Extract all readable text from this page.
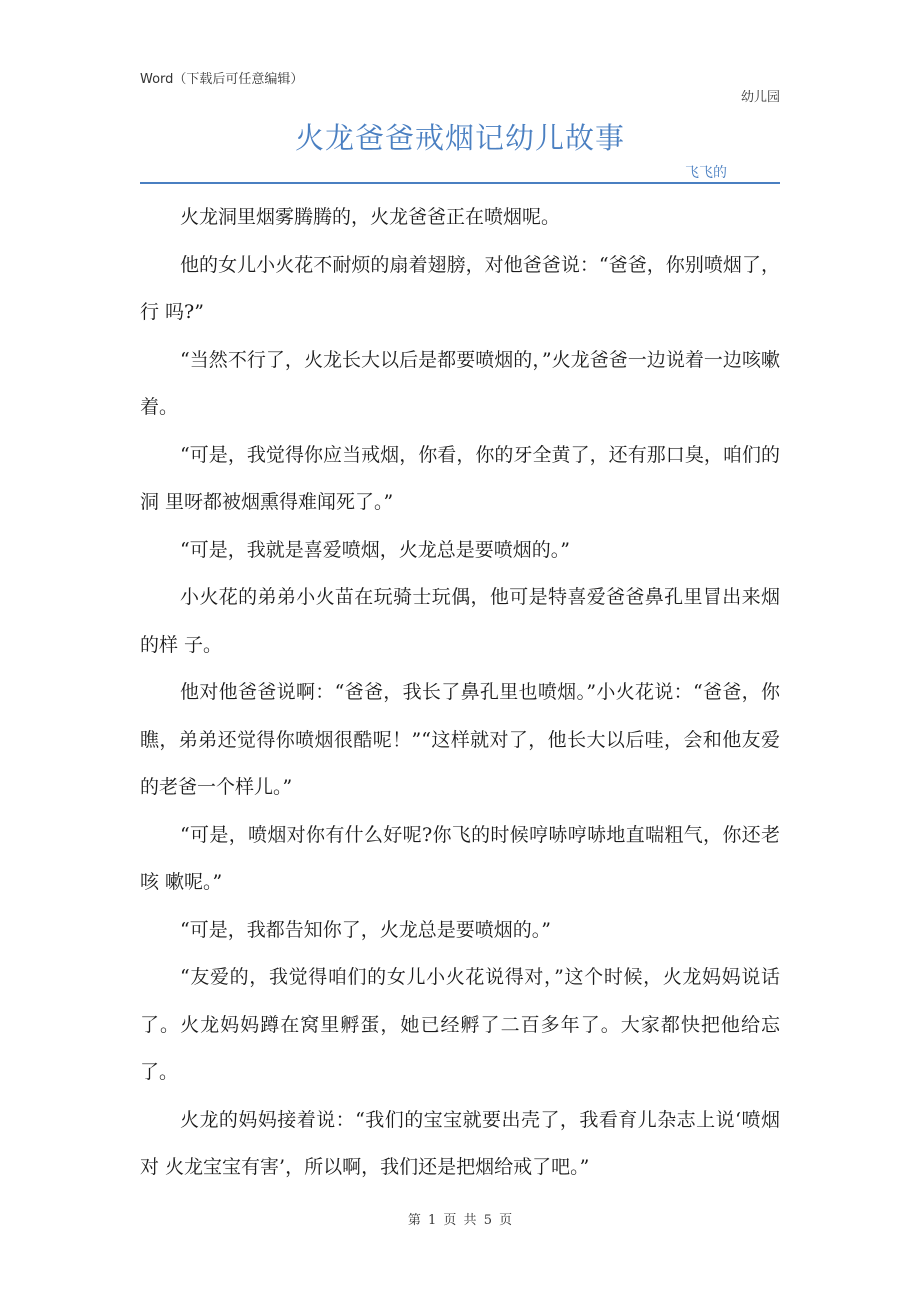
Word（下载后可任意编辑）
幼儿园
火龙爸爸戒烟记幼儿故事
飞飞的

火龙洞里烟雾腾腾的，火龙爸爸正在喷烟呢。

他的女儿小火花不耐烦的扇着翅膀，对他爸爸说：“爸爸，你别喷烟了，行 吗?”

“当然不行了，火龙长大以后是都要喷烟的，”火龙爸爸一边说着一边咳嗽 着。

“可是，我觉得你应当戒烟，你看，你的牙全黄了，还有那口臭，咱们的洞 里呀都被烟熏得难闻死了。”

“可是，我就是喜爱喷烟，火龙总是要喷烟的。”

小火花的弟弟小火苗在玩骑士玩偶，他可是特喜爱爸爸鼻孔里冒出来烟的样 子。

他对他爸爸说啊：“爸爸，我长了鼻孔里也喷烟。”小火花说：“爸爸，你瞧，弟弟还觉得你喷烟很酷呢！”“这样就对了，他长大以后哇，会和他友爱的老爸一个样儿。”

“可是，喷烟对你有什么好呢?你飞的时候哼哧哼哧地直喘粗气，你还老咳 嗽呢。”

“可是，我都告知你了，火龙总是要喷烟的。”

“友爱的，我觉得咱们的女儿小火花说得对，”这个时候，火龙妈妈说话了。火龙妈妈蹲在窝里孵蛋，她已经孵了二百多年了。大家都快把他给忘了。

火龙的妈妈接着说：“我们的宝宝就要出壳了，我看育儿杂志上说‘喷烟对 火龙宝宝有害’，所以啊，我们还是把烟给戒了吧。”

第 1 页 共 5 页
